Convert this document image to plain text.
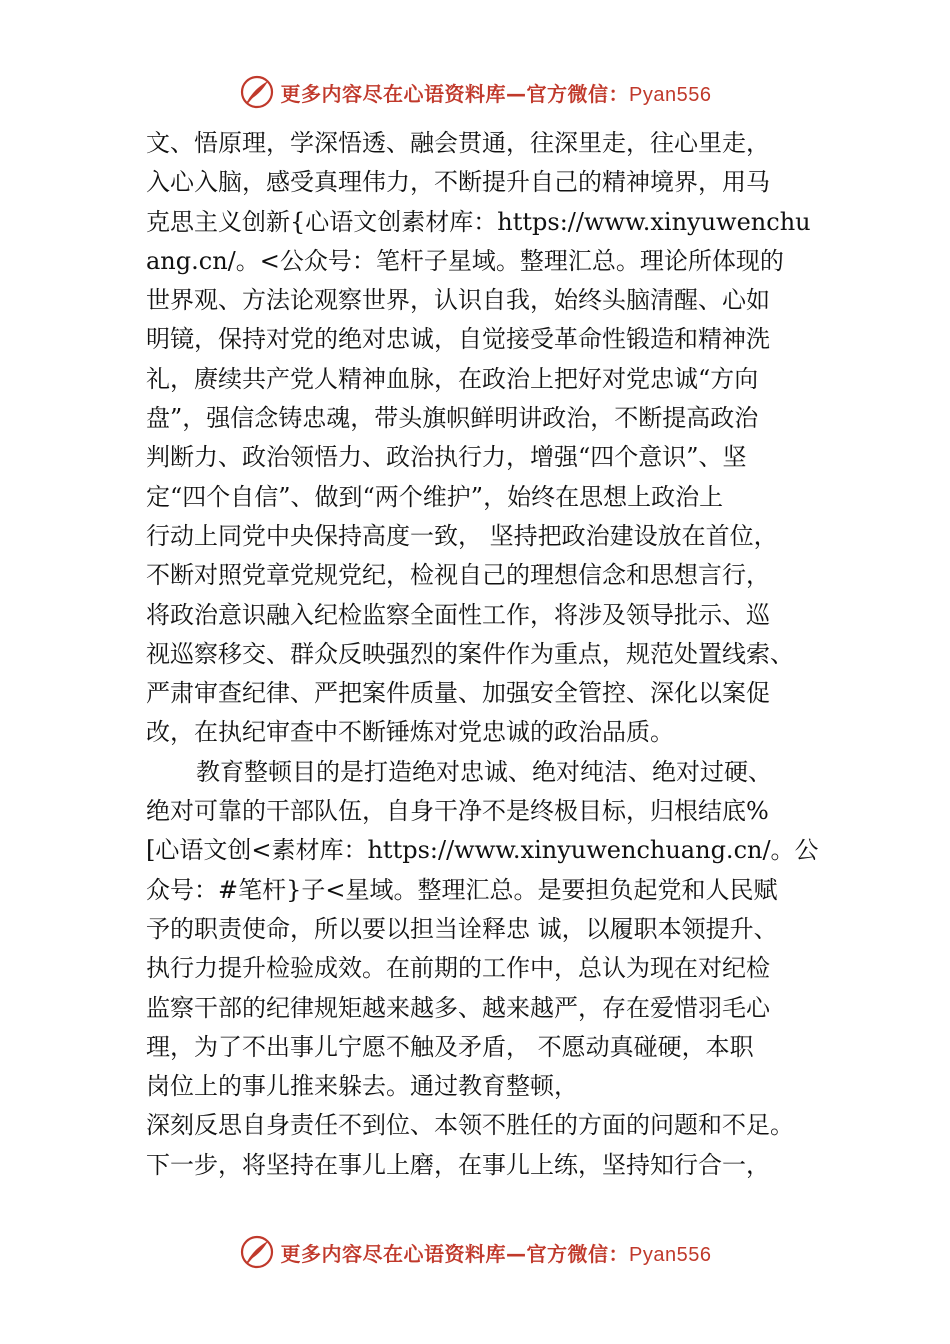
更多内容尽在心语资料库—官方微信：Pyan556
文、悟原理，学深悟透、融会贯通，往深里走，往心里走，
入心入脑，感受真理伟力，不断提升自己的精神境界，用马
克思主义创新{心语文创素材库：https://www.xinyuwenchu
ang.cn/。<公众号：笔杆子星域。整理汇总。理论所体现的
世界观、方法论观察世界，认识自我，始终头脑清醒、心如
明镜，保持对党的绝对忠诚，自觉接受革命性锻造和精神洗
礼，赓续共产党人精神血脉，在政治上把好对党忠诚“方向
盘”，强信念铸忠魂，带头旗帜鲜明讲政治，不断提高政治
判断力、政治领悟力、政治执行力，增强“四个意识”、坚
定“四个自信”、做到“两个维护”，始终在思想上政治上
行动上同党中央保持高度一致， 坚持把政治建设放在首位，
不断对照党章党规党纪，检视自己的理想信念和思想言行，
将政治意识融入纪检监察全面性工作，将涉及领导批示、巡
视巡察移交、群众反映强烈的案件作为重点，规范处置线索、
严肃审查纪律、严把案件质量、加强安全管控、深化以案促
改，在执纪审查中不断锤炼对党忠诚的政治品质。
教育整顿目的是打造绝对忠诚、绝对纯洁、绝对过硬、
绝对可靠的干部队伍，自身干净不是终极目标，归根结底%
[心语文创<素材库：https://www.xinyuwenchuang.cn/。公
众号：#笔杆}子<星域。整理汇总。是要担负起党和人民赋
予的职责使命，所以要以担当诠释忠 诚，以履职本领提升、
执行力提升检验成效。在前期的工作中，总认为现在对纪检
监察干部的纪律规矩越来越多、越来越严，存在爱惜羽毛心
理，为了不出事儿宁愿不触及矛盾， 不愿动真碰硬，本职
岗位上的事儿推来躲去。通过教育整顿，
深刻反思自身责任不到位、本领不胜任的方面的问题和不足。
下一步，将坚持在事儿上磨，在事儿上练，坚持知行合一，
更多内容尽在心语资料库—官方微信：Pyan556
